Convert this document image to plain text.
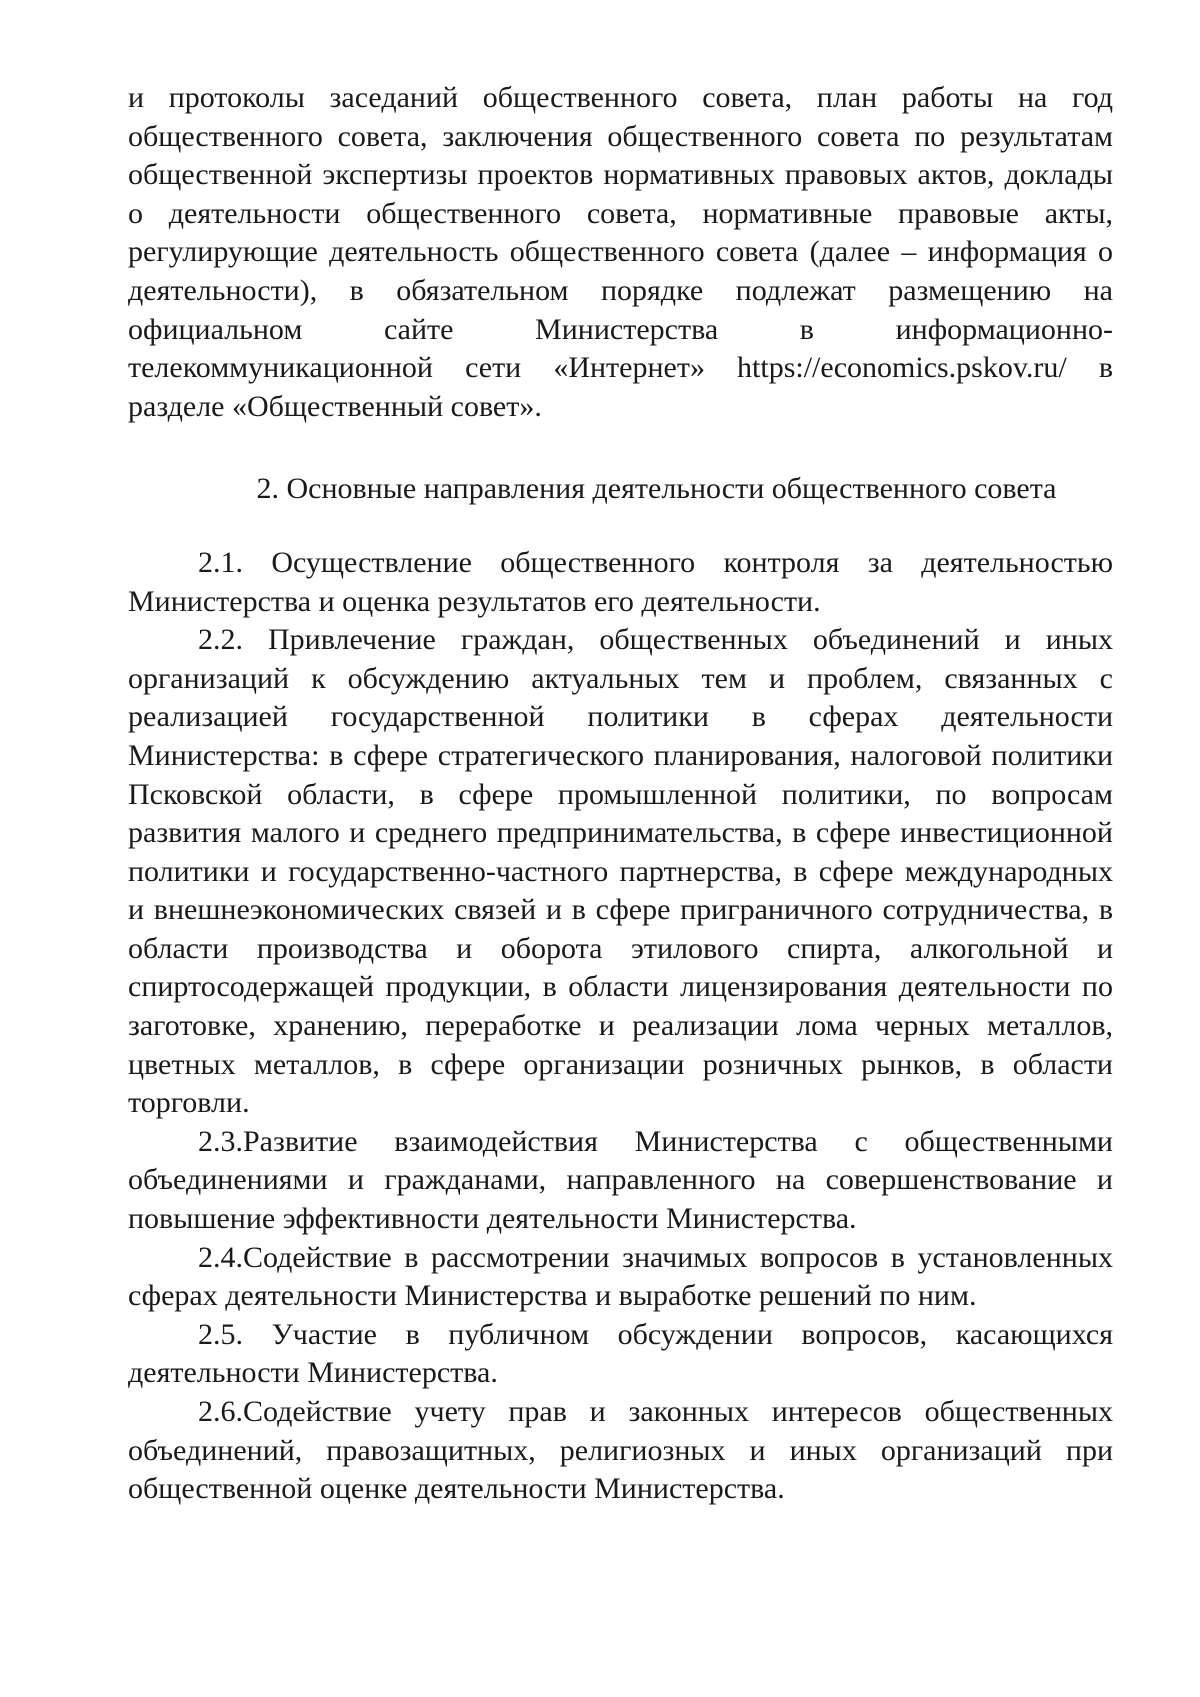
и протоколы заседаний общественного совета, план работы на год общественного совета, заключения общественного совета по результатам общественной экспертизы проектов нормативных правовых актов, доклады о деятельности общественного совета, нормативные правовые акты, регулирующие деятельность общественного совета (далее – информация о деятельности), в обязательном порядке подлежат размещению на официальном сайте Министерства в информационно-телекоммуникационной сети «Интернет» https://economics.pskov.ru/ в разделе «Общественный совет».

2. Основные направления деятельности общественного совета

2.1. Осуществление общественного контроля за деятельностью Министерства и оценка результатов его деятельности.

2.2. Привлечение граждан, общественных объединений и иных организаций к обсуждению актуальных тем и проблем, связанных с реализацией государственной политики в сферах деятельности Министерства: в сфере стратегического планирования, налоговой политики Псковской области, в сфере промышленной политики, по вопросам развития малого и среднего предпринимательства, в сфере инвестиционной политики и государственно-частного партнерства, в сфере международных и внешнеэкономических связей и в сфере приграничного сотрудничества, в области производства и оборота этилового спирта, алкогольной и спиртосодержащей продукции, в области лицензирования деятельности по заготовке, хранению, переработке и реализации лома черных металлов, цветных металлов, в сфере организации розничных рынков, в области торговли.

2.3.Развитие взаимодействия Министерства с общественными объединениями и гражданами, направленного на совершенствование и повышение эффективности деятельности Министерства.

2.4.Содействие в рассмотрении значимых вопросов в установленных сферах деятельности Министерства и выработке решений по ним.

2.5. Участие в публичном обсуждении вопросов, касающихся деятельности Министерства.

2.6.Содействие учету прав и законных интересов общественных объединений, правозащитных, религиозных и иных организаций при общественной оценке деятельности Министерства.
